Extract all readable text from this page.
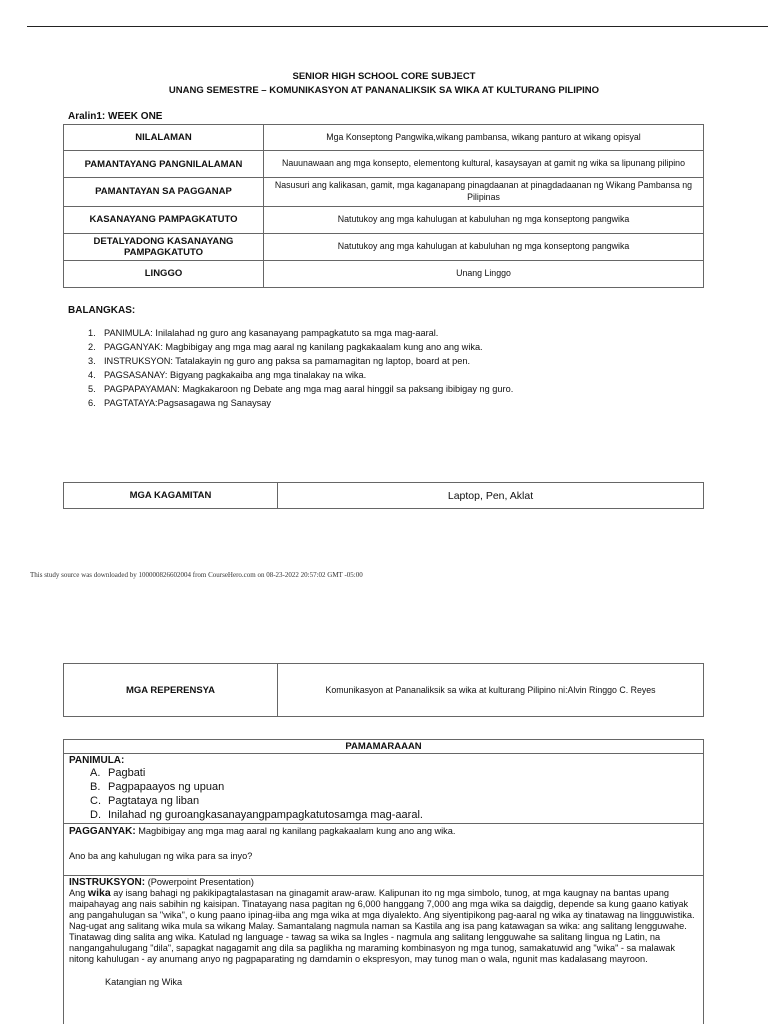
SENIOR HIGH SCHOOL CORE SUBJECT
UNANG SEMESTRE – KOMUNIKASYON AT PANANALIKSIK SA WIKA AT KULTURANG PILIPINO
Aralin1: WEEK ONE
NILALAMAN	Mga Konseptong Pangwika,wikang pambansa, wikang panturo at wikang opisyal
PAMANTAYANG PANGNILALAMAN	Nauunawaan ang mga konsepto, elementong kultural, kasaysayan at gamit ng wika sa lipunang pilipino
PAMANTAYAN SA PAGGANAP	Nasusuri ang kalikasan, gamit, mga kaganapang pinagdaanan at pinagdadaanan ng Wikang Pambansa ng Pilipinas
KASANAYANG PAMPAGKATUTO	Natutukoy ang mga kahulugan at kabuluhan ng mga konseptong pangwika
DETALYADONG KASANAYANG PAMPAGKATUTO	Natutukoy ang mga kahulugan at kabuluhan ng mga konseptong pangwika
LINGGO	Unang Linggo
BALANGKAS:
1. PANIMULA: Inilalahad ng guro ang kasanayang pampagkatuto sa mga mag-aaral.
2. PAGGANYAK: Magbibigay ang mga mag aaral ng kanilang pagkakaalam kung ano ang wika.
3. INSTRUKSYON: Tatalakayin ng guro ang paksa sa pamamagitan ng laptop, board at pen.
4. PAGSASANAY: Bigyang pagkakaiba ang mga tinalakay na wika.
5. PAGPAPAYAMAN: Magkakaroon ng Debate ang mga mag aaral hinggil sa paksang ibibigay ng guro.
6. PAGTATAYA:Pagsasagawa ng Sanaysay
MGA KAGAMITAN	Laptop, Pen, Aklat
This study source was downloaded by 100000826602004 from CourseHero.com on 08-23-2022 20:57:02 GMT -05:00
MGA REPERENSYA	Komunikasyon at Pananaliksik sa wika at kulturang Pilipino ni:Alvin Ringgo C. Reyes
PAMAMARAAAN
PANIMULA:
A. Pagbati
B. Pagpapaayos ng upuan
C. Pagtataya ng liban
D. Inilahad ng guroangkasanayangpampagkatutosamga mag-aaral.
PAGGANYAK: Magbibigay ang mga mag aaral ng kanilang pagkakaalam kung ano ang wika.
Ano ba ang kahulugan ng wika para sa inyo?
INSTRUKSYON: (Powerpoint Presentation)
Ang wika ay isang bahagi ng pakikipagtalastasan na ginagamit araw-araw. Kalipunan ito ng mga simbolo, tunog, at mga kaugnay na bantas upang maipahayag ang nais sabihin ng kaisipan. Tinatayang nasa pagitan ng 6,000 hanggang 7,000 ang mga wika sa daigdig, depende sa kung gaano katiyak ang pangahulugan sa "wika", o kung paano ipinag-iiba ang mga wika at mga diyalekto. Ang siyentipikong pag-aaral ng wika ay tinatawag na lingguwistika. Nag-ugat ang salitang wika mula sa wikang Malay. Samantalang nagmula naman sa Kastila ang isa pang katawagan sa wika: ang salitang lengguwahe. Tinatawag ding salita ang wika. Katulad ng language - tawag sa wika sa Ingles - nagmula ang salitang lengguwahe sa salitang lingua ng Latin, na nangangahulugang "dila", sapagkat nagagamit ang dila sa paglikha ng maraming kombinasyon ng mga tunog, samakatuwid ang "wika" - sa malawak nitong kahulugan - ay anumang anyo ng pagpaparating ng damdamin o ekspresyon, may tunog man o wala, ngunit mas kadalasang mayroon.
Katangian ng Wika
